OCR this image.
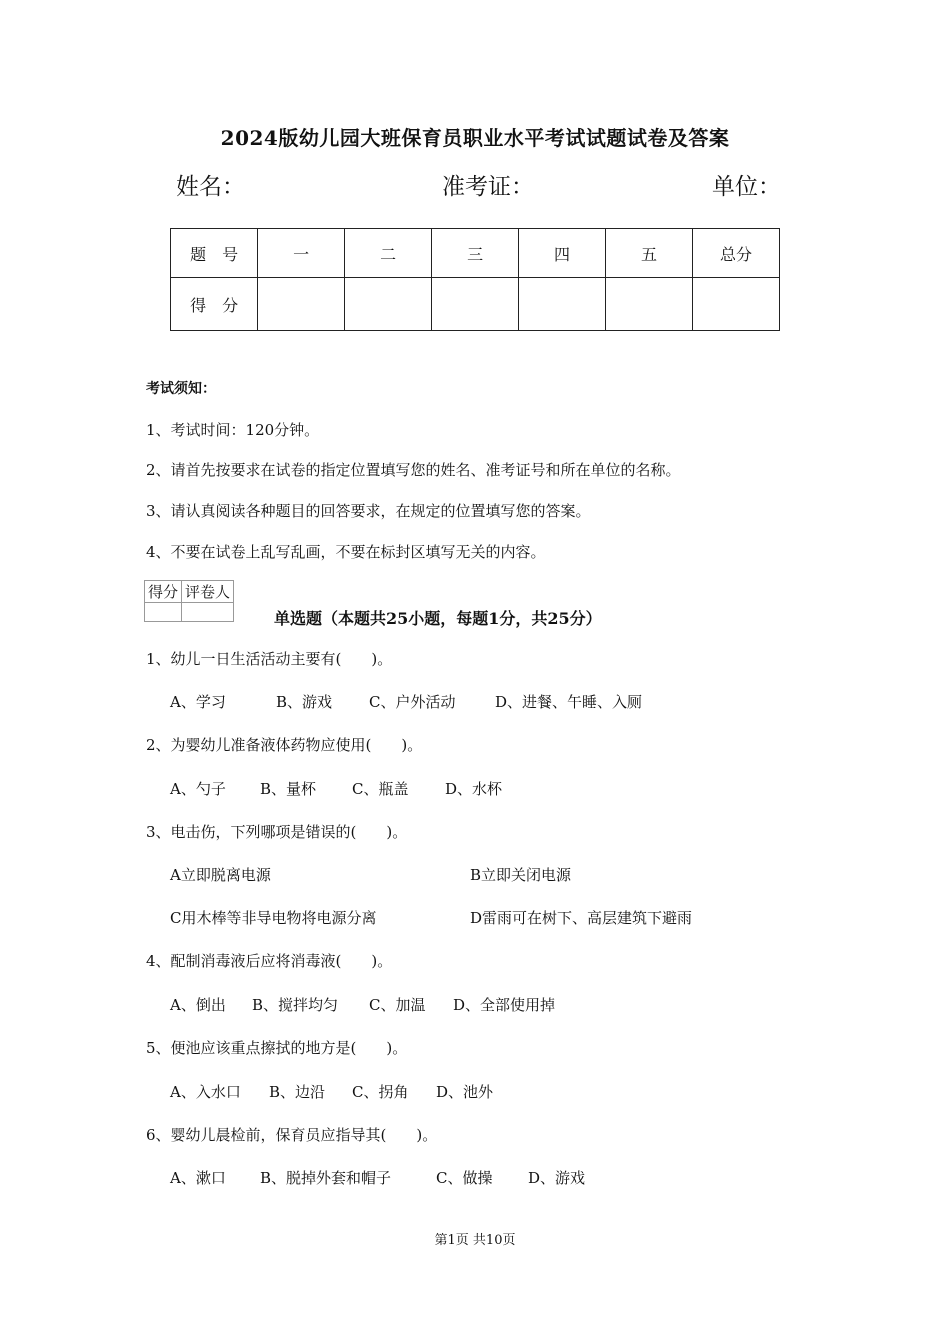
2024版幼儿园大班保育员职业水平考试试题试卷及答案
姓名：	准考证：	单位：
题　号	一	二	三	四	五	总分
得　分						
考试须知：
1、考试时间：120分钟。
2、请首先按要求在试卷的指定位置填写您的姓名、准考证号和所在单位的名称。
3、请认真阅读各种题目的回答要求，在规定的位置填写您的答案。
4、不要在试卷上乱写乱画，不要在标封区填写无关的内容。
得分	评卷人

单选题（本题共25小题，每题1分，共25分）
1、幼儿一日生活活动主要有(　　)。
A、学习	B、游戏 C、户外活动	D、进餐、午睡、入厕
2、为婴幼儿准备液体药物应使用(　　)。
A、勺子 B、量杯 C、瓶盖 D、水杯
3、电击伤，下列哪项是错误的(　　)。
A立即脱离电源	B立即关闭电源
C用木棒等非导电物将电源分离	D雷雨可在树下、高层建筑下避雨
4、配制消毒液后应将消毒液(　　)。
A、倒出 B、搅拌均匀 C、加温 D、全部使用掉
5、便池应该重点擦拭的地方是(　　)。
A、入水口 B、边沿 C、拐角 D、池外
6、婴幼儿晨检前，保育员应指导其(　　)。
A、漱口 B、脱掉外套和帽子	C、做操 D、游戏
第1页 共10页
